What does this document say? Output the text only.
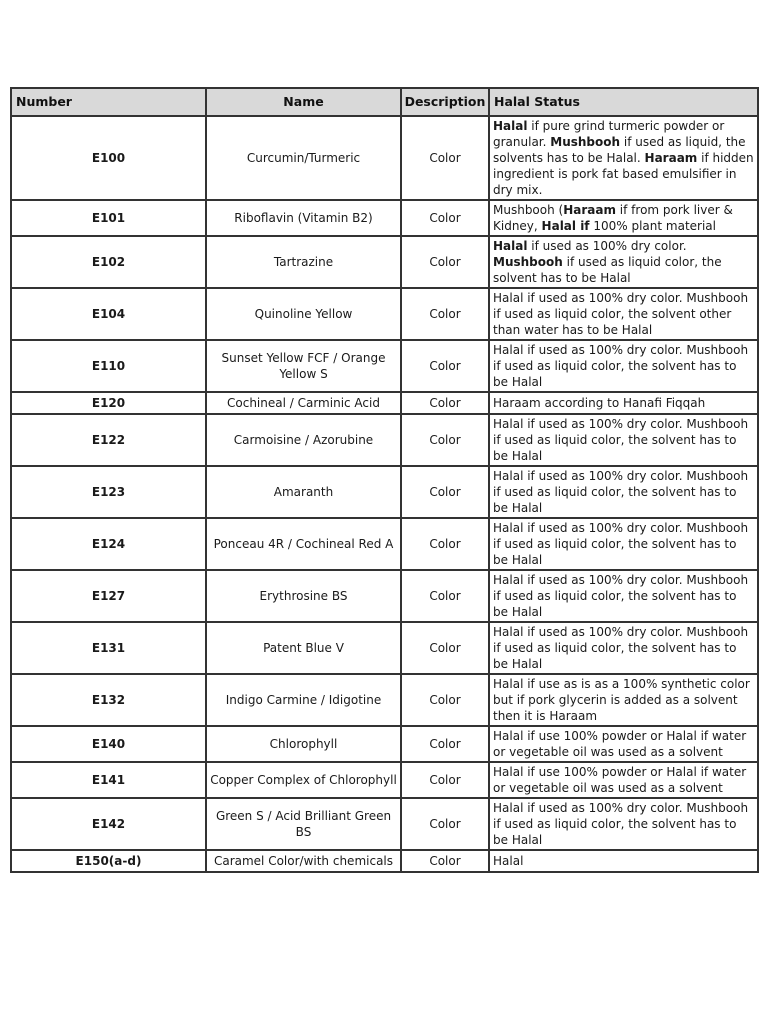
Number	Name	Description	Halal Status
E100	Curcumin/Turmeric	Color	Halal if pure grind turmeric powder or granular. Mushbooh if used as liquid, the solvents has to be Halal. Haraam if hidden ingredient is pork fat based emulsifier in dry mix.
E101	Riboflavin (Vitamin B2)	Color	Mushbooh (Haraam if from pork liver & Kidney, Halal if 100% plant material
E102	Tartrazine	Color	Halal if used as 100% dry color. Mushbooh if used as liquid color, the solvent has to be Halal
E104	Quinoline Yellow	Color	Halal if used as 100% dry color. Mushbooh if used as liquid color, the solvent other than water has to be Halal
E110	Sunset Yellow FCF / Orange Yellow S	Color	Halal if used as 100% dry color. Mushbooh if used as liquid color, the solvent has to be Halal
E120	Cochineal / Carminic Acid	Color	Haraam according to Hanafi Fiqqah
E122	Carmoisine / Azorubine	Color	Halal if used as 100% dry color. Mushbooh if used as liquid color, the solvent has to be Halal
E123	Amaranth	Color	Halal if used as 100% dry color. Mushbooh if used as liquid color, the solvent has to be Halal
E124	Ponceau 4R / Cochineal Red A	Color	Halal if used as 100% dry color. Mushbooh if used as liquid color, the solvent has to be Halal
E127	Erythrosine BS	Color	Halal if used as 100% dry color. Mushbooh if used as liquid color, the solvent has to be Halal
E131	Patent Blue V	Color	Halal if used as 100% dry color. Mushbooh if used as liquid color, the solvent has to be Halal
E132	Indigo Carmine / Idigotine	Color	Halal if use as is as a 100% synthetic color but if pork glycerin is added as a solvent then it is Haraam
E140	Chlorophyll	Color	Halal if use 100% powder or Halal if water or vegetable oil was used as a solvent
E141	Copper Complex of Chlorophyll	Color	Halal if use 100% powder or Halal if water or vegetable oil was used as a solvent
E142	Green S / Acid Brilliant Green BS	Color	Halal if used as 100% dry color. Mushbooh if used as liquid color, the solvent has to be Halal
E150(a-d)	Caramel Color/with chemicals	Color	Halal
